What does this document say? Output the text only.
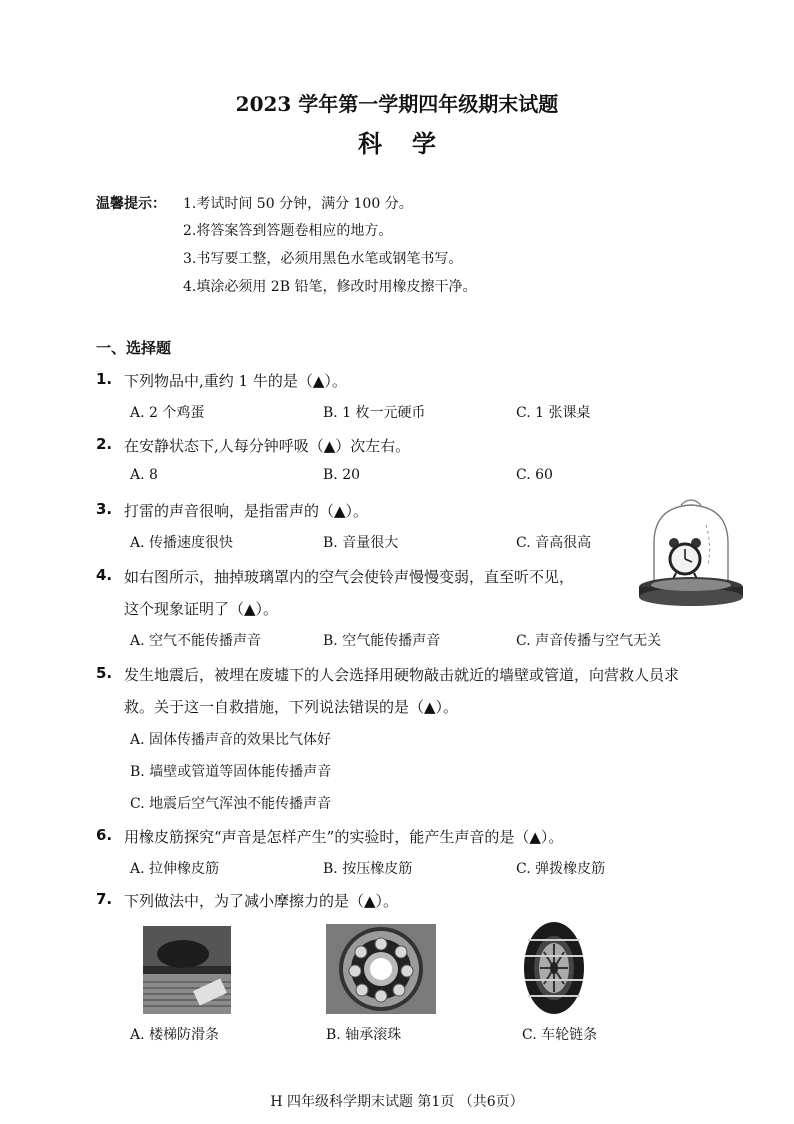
2023 学年第一学期四年级期末试题
科学
温馨提示： 1.考试时间 50 分钟，满分 100 分。
2.将答案答到答题卷相应的地方。
3.书写要工整，必须用黑色水笔或钢笔书写。
4.填涂必须用 2B 铅笔，修改时用橡皮擦干净。
一、选择题
1. 下列物品中,重约 1 牛的是（▲）。
A. 2 个鸡蛋	B. 1 枚一元硬币	C. 1 张课桌
2. 在安静状态下,人每分钟呼吸（▲）次左右。
A. 8	B. 20	C. 60
3. 打雷的声音很响，是指雷声的（▲）。
A. 传播速度很快	B. 音量很大	C. 音高很高
4. 如右图所示，抽掉玻璃罩内的空气会使铃声慢慢变弱，直至听不见，
这个现象证明了（▲）。
A. 空气不能传播声音	B. 空气能传播声音	C. 声音传播与空气无关
5. 发生地震后，被埋在废墟下的人会选择用硬物敲击就近的墙壁或管道，向营救人员求
救。关于这一自救措施，下列说法错误的是（▲）。
A. 固体传播声音的效果比气体好
B. 墙壁或管道等固体能传播声音
C. 地震后空气浑浊不能传播声音
6. 用橡皮筋探究“声音是怎样产生”的实验时，能产生声音的是（▲）。
A. 拉伸橡皮筋	B. 按压橡皮筋	C. 弹拨橡皮筋
7. 下列做法中，为了减小摩擦力的是（▲）。
A. 楼梯防滑条	B. 轴承滚珠	C. 车轮链条
H 四年级科学期末试题 第1页 （共6页）
